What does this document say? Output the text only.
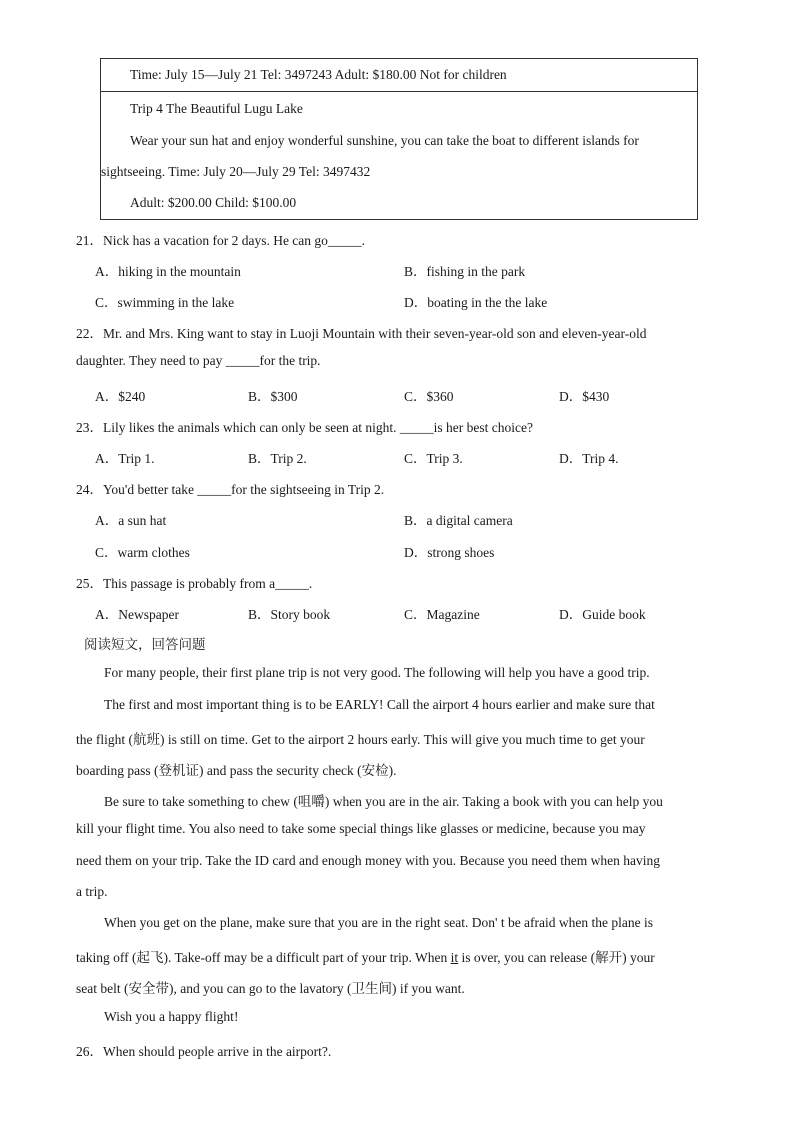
Time: July 15—July 21 Tel: 3497243 Adult: $180.00 Not for children
Trip 4 The Beautiful Lugu Lake
Wear your sun hat and enjoy wonderful sunshine, you can take the boat to different islands for
sightseeing. Time: July 20—July 29 Tel: 3497432
Adult: $200.00 Child: $100.00
21．Nick has a vacation for 2 days. He can go_____.
A．hiking in the mountain	B．fishing in the park
C．swimming in the lake	D．boating in the the lake
22．Mr. and Mrs. King want to stay in Luoji Mountain with their seven-year-old son and eleven-year-old
daughter. They need to pay _____for the trip.
A．$240	B．$300	C．$360	D．$430
23．Lily likes the animals which can only be seen at night. _____is her best choice?
A．Trip 1.	B．Trip 2.	C．Trip 3.	D．Trip 4.
24．You'd better take _____for the sightseeing in Trip 2.
A．a sun hat	B．a digital camera
C．warm clothes	D．strong shoes
25．This passage is probably from a_____.
A．Newspaper	B．Story book	C．Magazine	D．Guide book
阅读短文，回答问题
For many people, their first plane trip is not very good. The following will help you have a good trip.
The first and most important thing is to be EARLY! Call the airport 4 hours earlier and make sure that
the flight (航班) is still on time. Get to the airport 2 hours early. This will give you much time to get your
boarding pass (登机证) and pass the security check (安检).
Be sure to take something to chew (咀嚼) when you are in the air. Taking a book with you can help you
kill your flight time. You also need to take some special things like glasses or medicine, because you may
need them on your trip. Take the ID card and enough money with you. Because you need them when having
a trip.
When you get on the plane, make sure that you are in the right seat. Don' t be afraid when the plane is
taking off (起飞). Take-off may be a difficult part of your trip. When it is over, you can release (解开) your
seat belt (安全带), and you can go to the lavatory (卫生间) if you want.
Wish you a happy flight!
26．When should people arrive in the airport?.
